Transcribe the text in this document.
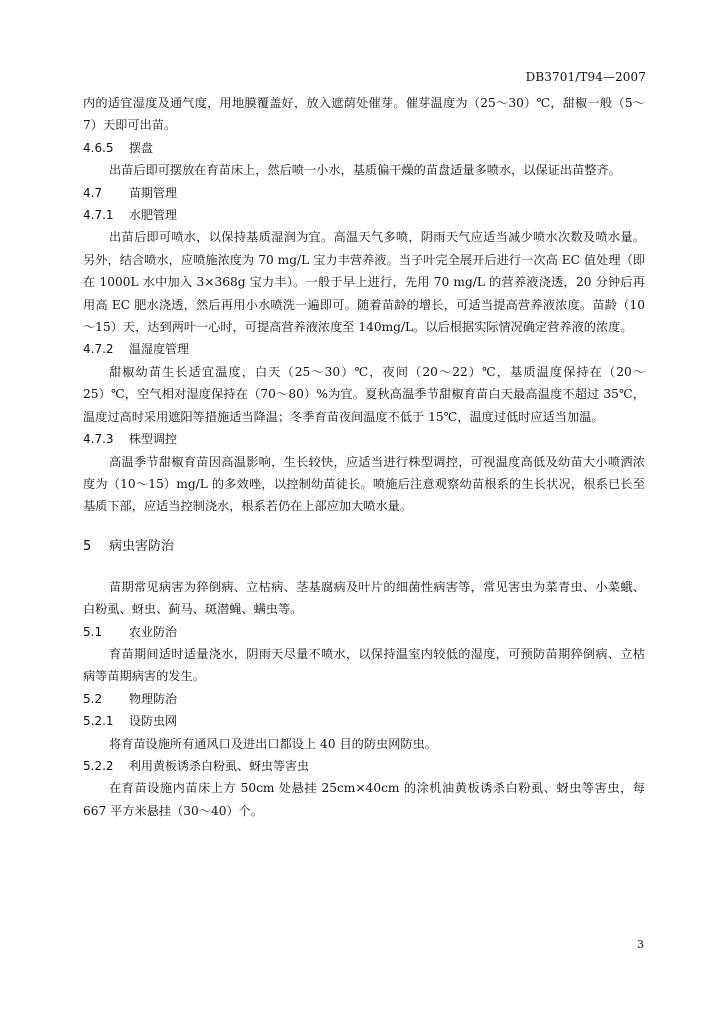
DB3701/T94—2007

内的适宜湿度及通气度，用地膜覆盖好，放入遮荫处催芽。催芽温度为（25～30）℃，甜椒一般（5～7）天即可出苗。

4.6.5 摆盘

出苗后即可摆放在育苗床上，然后喷一小水，基质偏干燥的苗盘适量多喷水，以保证出苗整齐。

4.7 苗期管理

4.7.1 水肥管理

出苗后即可喷水，以保持基质湿润为宜。高温天气多喷，阴雨天气应适当减少喷水次数及喷水量。另外，结合喷水，应喷施浓度为 70 mg/L 宝力丰营养液。当子叶完全展开后进行一次高 EC 值处理（即在 1000L 水中加入 3×368g 宝力丰）。一般于早上进行，先用 70 mg/L 的营养液浇透，20 分钟后再用高 EC 肥水浇透，然后再用小水喷洗一遍即可。随着苗龄的增长，可适当提高营养液浓度。苗龄（10～15）天，达到两叶一心时，可提高营养液浓度至 140mg/L。以后根据实际情况确定营养液的浓度。

4.7.2 温湿度管理

甜椒幼苗生长适宜温度，白天（25～30）℃，夜间（20～22）℃，基质温度保持在（20～25）℃，空气相对湿度保持在（70～80）%为宜。夏秋高温季节甜椒育苗白天最高温度不超过 35℃，温度过高时采用遮阳等措施适当降温；冬季育苗夜间温度不低于 15℃，温度过低时应适当加温。

4.7.3 株型调控

高温季节甜椒育苗因高温影响，生长较快，应适当进行株型调控，可视温度高低及幼苗大小喷洒浓度为（10～15）mg/L 的多效唑，以控制幼苗徒长。喷施后注意观察幼苗根系的生长状况，根系已长至基质下部，应适当控制浇水，根系若仍在上部应加大喷水量。

5 病虫害防治

苗期常见病害为猝倒病、立枯病、茎基腐病及叶片的细菌性病害等，常见害虫为菜青虫、小菜蛾、白粉虱、蚜虫、蓟马、斑潜蝇、螨虫等。

5.1 农业防治

育苗期间适时适量浇水，阴雨天尽量不喷水，以保持温室内较低的湿度，可预防苗期猝倒病、立枯病等苗期病害的发生。

5.2 物理防治

5.2.1 设防虫网

将育苗设施所有通风口及进出口都设上 40 目的防虫网防虫。

5.2.2 利用黄板诱杀白粉虱、蚜虫等害虫

在育苗设施内苗床上方 50cm 处悬挂 25cm×40cm 的涂机油黄板诱杀白粉虱、蚜虫等害虫，每 667 平方米悬挂（30～40）个。

3
